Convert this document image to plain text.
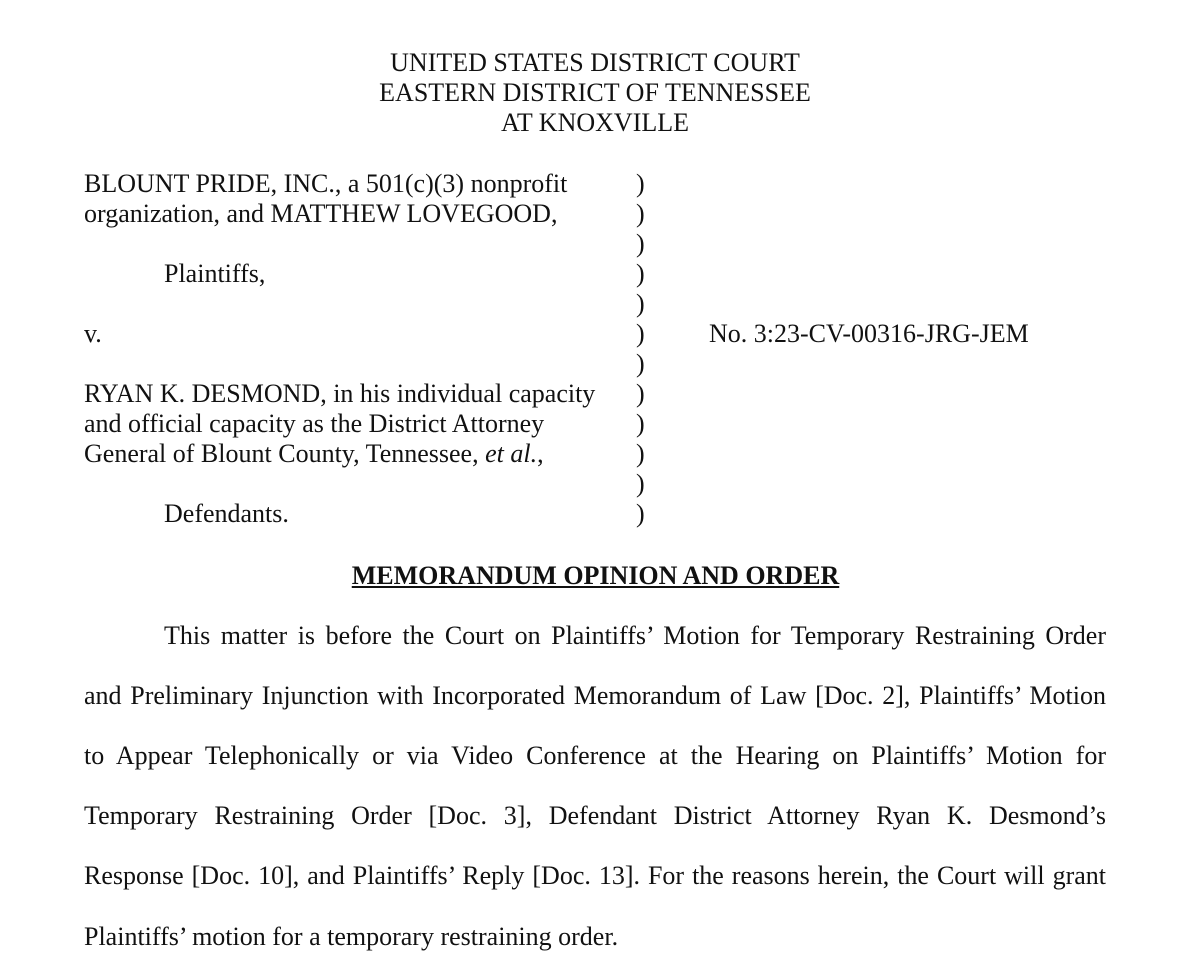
UNITED STATES DISTRICT COURT
EASTERN DISTRICT OF TENNESSEE
AT KNOXVILLE
BLOUNT PRIDE, INC., a 501(c)(3) nonprofit
organization, and MATTHEW LOVEGOOD,
Plaintiffs,
v.
RYAN K. DESMOND, in his individual capacity
and official capacity as the District Attorney
General of Blount County, Tennessee, et al.,
Defendants.
)
)
)
)
)
)
)
)
)
)
)
)
No. 3:23-CV-00316-JRG-JEM
MEMORANDUM OPINION AND ORDER
This matter is before the Court on Plaintiffs’ Motion for Temporary Restraining Order
and Preliminary Injunction with Incorporated Memorandum of Law [Doc. 2], Plaintiffs’ Motion
to Appear Telephonically or via Video Conference at the Hearing on Plaintiffs’ Motion for
Temporary Restraining Order [Doc. 3], Defendant District Attorney Ryan K. Desmond’s
Response [Doc. 10], and Plaintiffs’ Reply [Doc. 13]. For the reasons herein, the Court will grant
Plaintiffs’ motion for a temporary restraining order.
